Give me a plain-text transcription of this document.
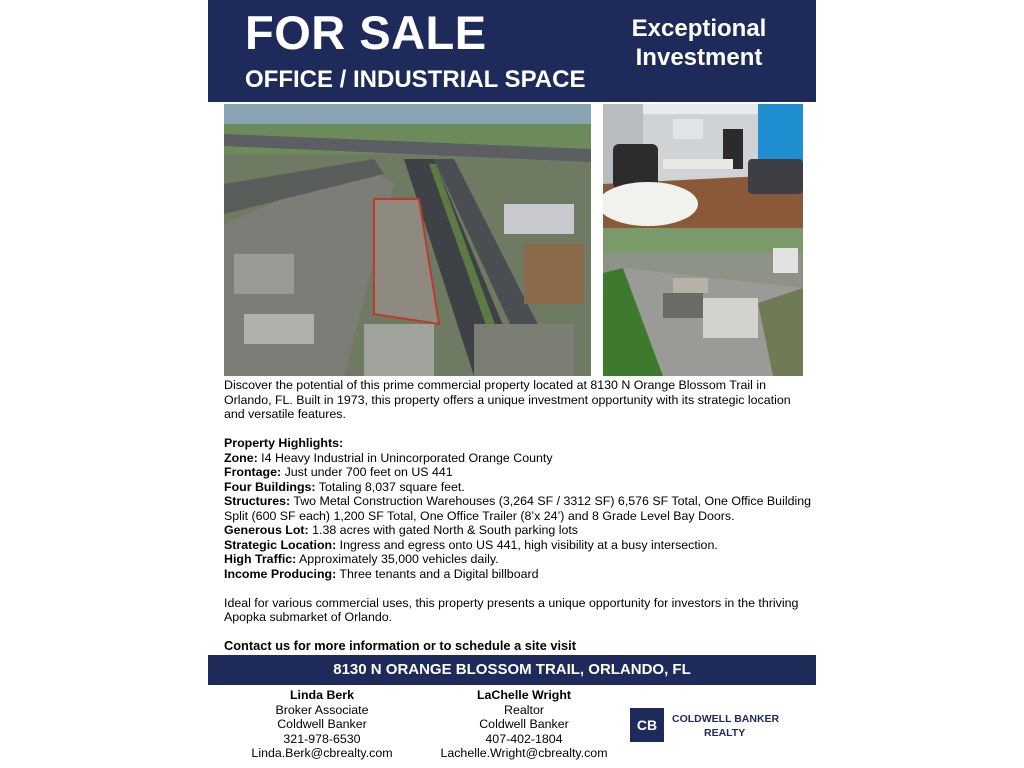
FOR SALE
OFFICE / INDUSTRIAL SPACE
Exceptional
Investment

Discover the potential of this prime commercial property located at 8130 N Orange Blossom Trail in Orlando, FL. Built in 1973, this property offers a unique investment opportunity with its strategic location and versatile features.

Property Highlights:

Zone: I4 Heavy Industrial in Unincorporated Orange County

Frontage: Just under 700 feet on US 441

Four Buildings: Totaling 8,037 square feet.

Structures: Two Metal Construction Warehouses (3,264 SF / 3312 SF) 6,576 SF Total, One Office Building Split (600 SF each) 1,200 SF Total, One Office Trailer (8’x 24’) and 8 Grade Level Bay Doors.

Generous Lot: 1.38 acres with gated North & South parking lots

Strategic Location: Ingress and egress onto US 441, high visibility at a busy intersection.

High Traffic: Approximately 35,000 vehicles daily.

Income Producing: Three tenants and a Digital billboard

Ideal for various commercial uses, this property presents a unique opportunity for investors in the thriving Apopka submarket of Orlando.

Contact us for more information or to schedule a site visit

8130 N ORANGE BLOSSOM TRAIL, ORLANDO, FL
Linda Berk
Broker Associate
Coldwell Banker
321-978-6530
Linda.Berk@cbrealty.com
LaChelle Wright
Realtor
Coldwell Banker
407-402-1804
Lachelle.Wright@cbrealty.com
CB	COLDWELL BANKER
REALTY
